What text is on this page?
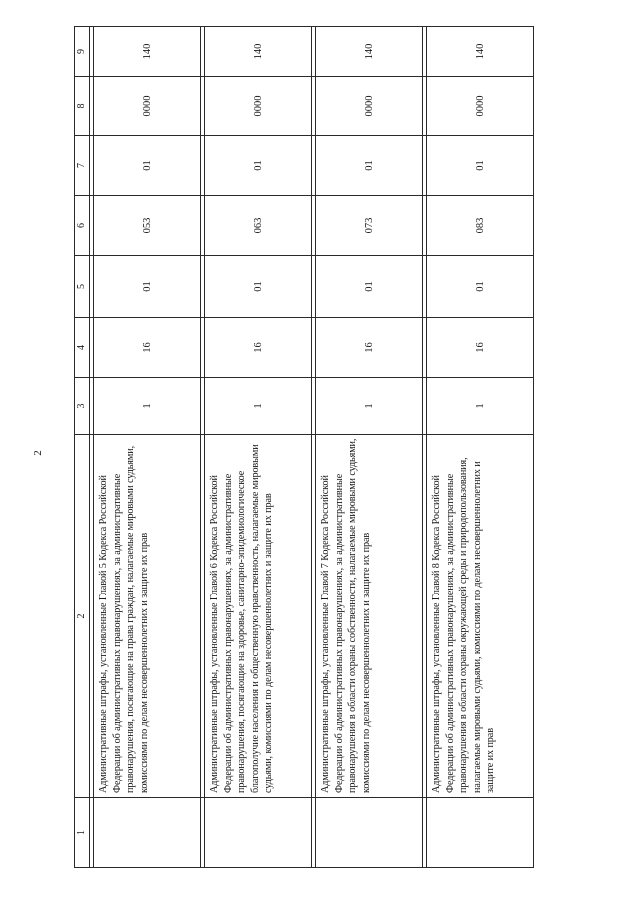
2
1	2	3	4	5	6	7	8	9

	Административные штрафы, установленные Главой 5 Кодекса Российской Федерации об административных правонарушениях, за административные правонарушения, посягающие на права граждан, налагаемые мировыми судьями, комиссиями по делам несовершеннолетних и защите их прав	1	16	01	053	01	0000	140

	Административные штрафы, установленные Главой 6 Кодекса Российской Федерации об административных правонарушениях, за административные правонарушения, посягающие на здоровье, санитарно-эпидемиологическое благополучие населения и общественную нравственность, налагаемые мировыми судьями, комиссиями по делам несовершеннолетних и защите их прав	1	16	01	063	01	0000	140

	Административные штрафы, установленные Главой 7 Кодекса Российской Федерации об административных правонарушениях, за административные правонарушения в области охраны собственности, налагаемые мировыми судьями, комиссиями по делам несовершеннолетних и защите их прав	1	16	01	073	01	0000	140

	Административные штрафы, установленные Главой 8 Кодекса Российской Федерации об административных правонарушениях, за административные правонарушения в области охраны окружающей среды и природопользования, налагаемые мировыми судьями, комиссиями по делам несовершеннолетних и защите их прав	1	16	01	083	01	0000	140
